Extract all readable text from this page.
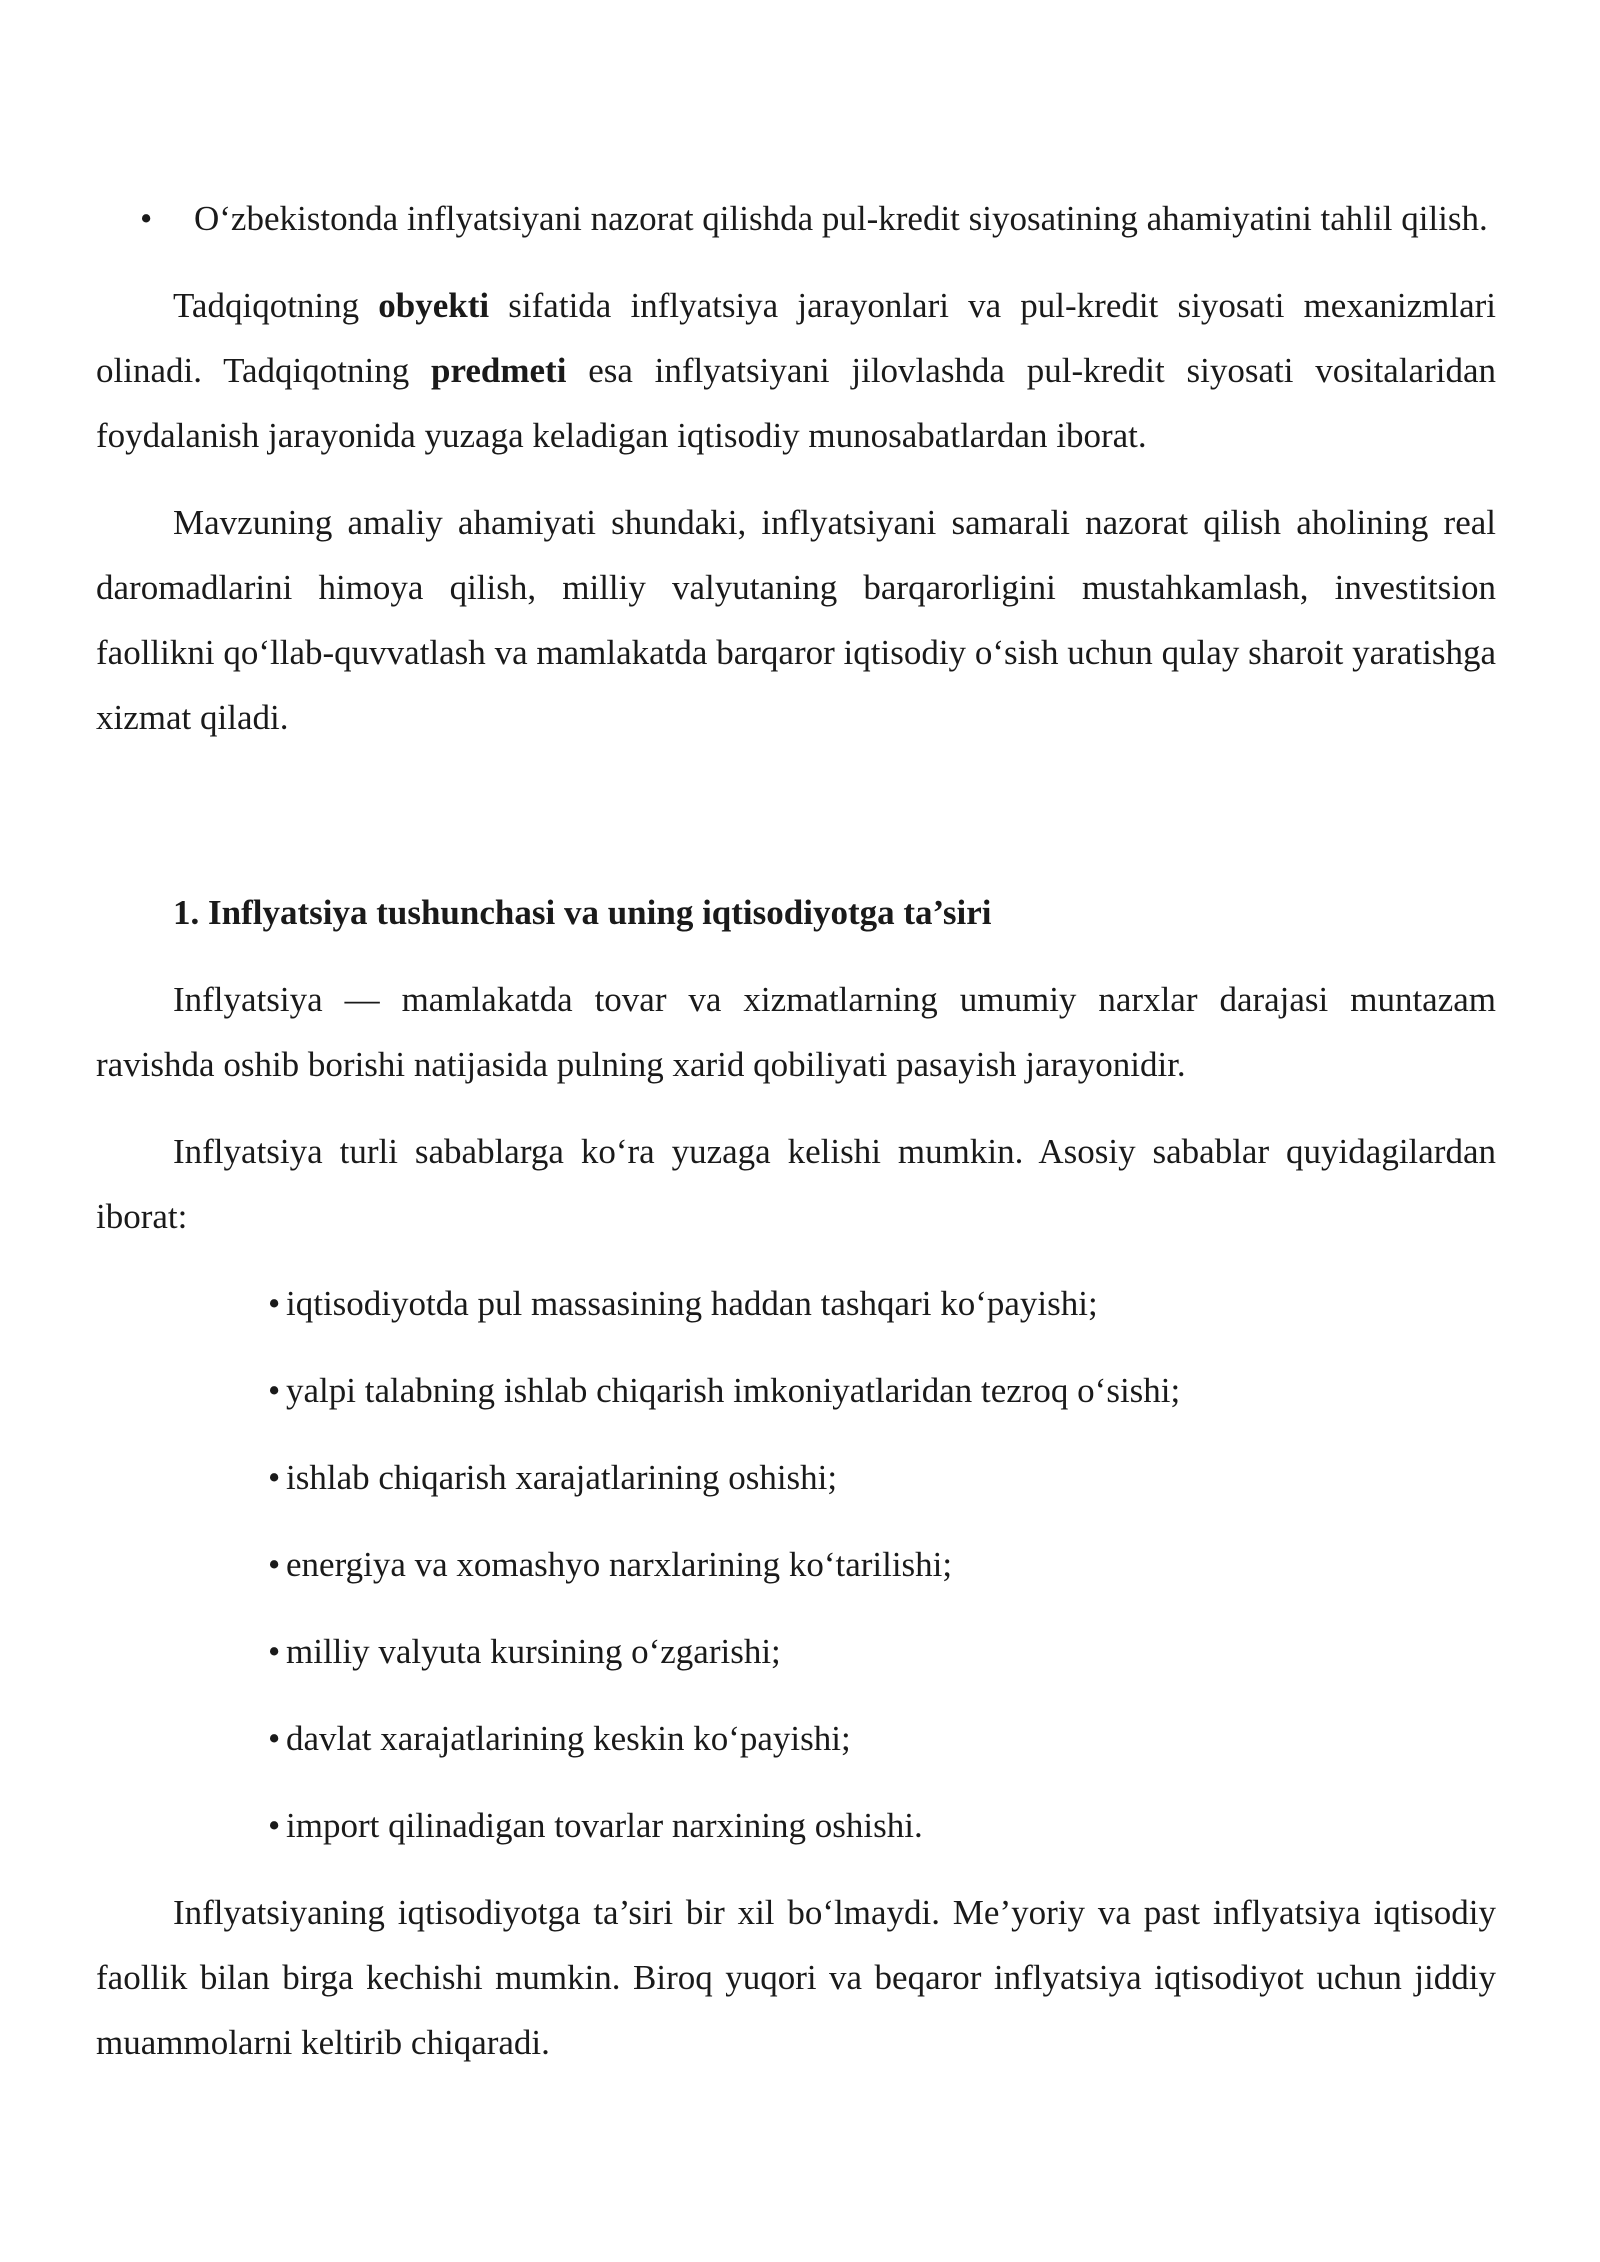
• O‘zbekistonda inflyatsiyani nazorat qilishda pul-kredit siyosatining ahamiyatini tahlil qilish.

Tadqiqotning obyekti sifatida inflyatsiya jarayonlari va pul-kredit siyosati mexanizmlari olinadi. Tadqiqotning predmeti esa inflyatsiyani jilovlashda pul-kredit siyosati vositalaridan foydalanish jarayonida yuzaga keladigan iqtisodiy munosabatlardan iborat.

Mavzuning amaliy ahamiyati shundaki, inflyatsiyani samarali nazorat qilish aholining real daromadlarini himoya qilish, milliy valyutaning barqarorligini mustahkamlash, investitsion faollikni qo‘llab-quvvatlash va mamlakatda barqaror iqtisodiy o‘sish uchun qulay sharoit yaratishga xizmat qiladi.

1. Inflyatsiya tushunchasi va uning iqtisodiyotga ta’siri

Inflyatsiya — mamlakatda tovar va xizmatlarning umumiy narxlar darajasi muntazam ravishda oshib borishi natijasida pulning xarid qobiliyati pasayish jarayonidir.

Inflyatsiya turli sabablarga ko‘ra yuzaga kelishi mumkin. Asosiy sabablar quyidagilardan iborat:

• iqtisodiyotda pul massasining haddan tashqari ko‘payishi;
• yalpi talabning ishlab chiqarish imkoniyatlaridan tezroq o‘sishi;
• ishlab chiqarish xarajatlarining oshishi;
• energiya va xomashyo narxlarining ko‘tarilishi;
• milliy valyuta kursining o‘zgarishi;
• davlat xarajatlarining keskin ko‘payishi;
• import qilinadigan tovarlar narxining oshishi.

Inflyatsiyaning iqtisodiyotga ta’siri bir xil bo‘lmaydi. Me’yoriy va past inflyatsiya iqtisodiy faollik bilan birga kechishi mumkin. Biroq yuqori va beqaror inflyatsiya iqtisodiyot uchun jiddiy muammolarni keltirib chiqaradi.
